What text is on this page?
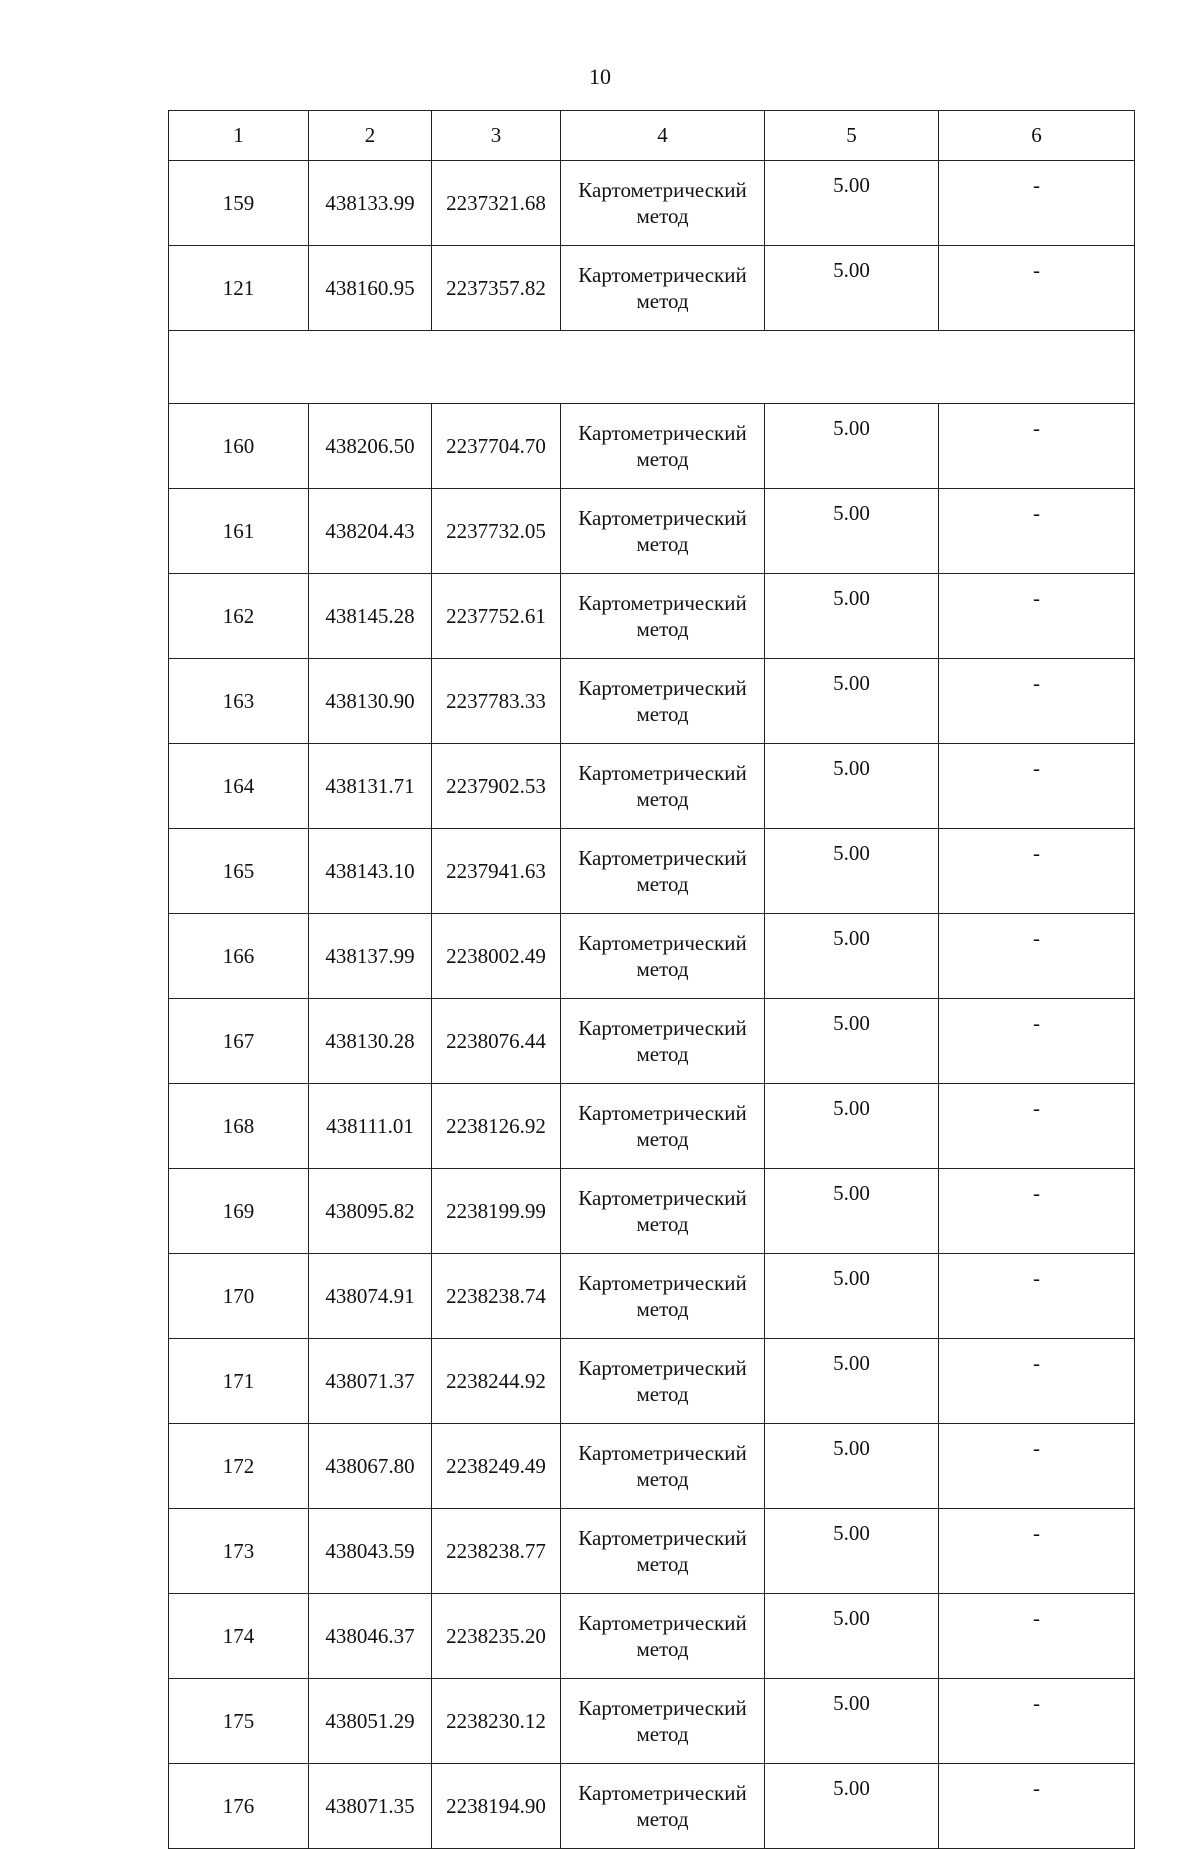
10
1	2	3	4	5	6
159	438133.99	2237321.68	Картометрический метод	5.00	-
121	438160.95	2237357.82	Картометрический метод	5.00	-

160	438206.50	2237704.70	Картометрический метод	5.00	-
161	438204.43	2237732.05	Картометрический метод	5.00	-
162	438145.28	2237752.61	Картометрический метод	5.00	-
163	438130.90	2237783.33	Картометрический метод	5.00	-
164	438131.71	2237902.53	Картометрический метод	5.00	-
165	438143.10	2237941.63	Картометрический метод	5.00	-
166	438137.99	2238002.49	Картометрический метод	5.00	-
167	438130.28	2238076.44	Картометрический метод	5.00	-
168	438111.01	2238126.92	Картометрический метод	5.00	-
169	438095.82	2238199.99	Картометрический метод	5.00	-
170	438074.91	2238238.74	Картометрический метод	5.00	-
171	438071.37	2238244.92	Картометрический метод	5.00	-
172	438067.80	2238249.49	Картометрический метод	5.00	-
173	438043.59	2238238.77	Картометрический метод	5.00	-
174	438046.37	2238235.20	Картометрический метод	5.00	-
175	438051.29	2238230.12	Картометрический метод	5.00	-
176	438071.35	2238194.90	Картометрический метод	5.00	-
